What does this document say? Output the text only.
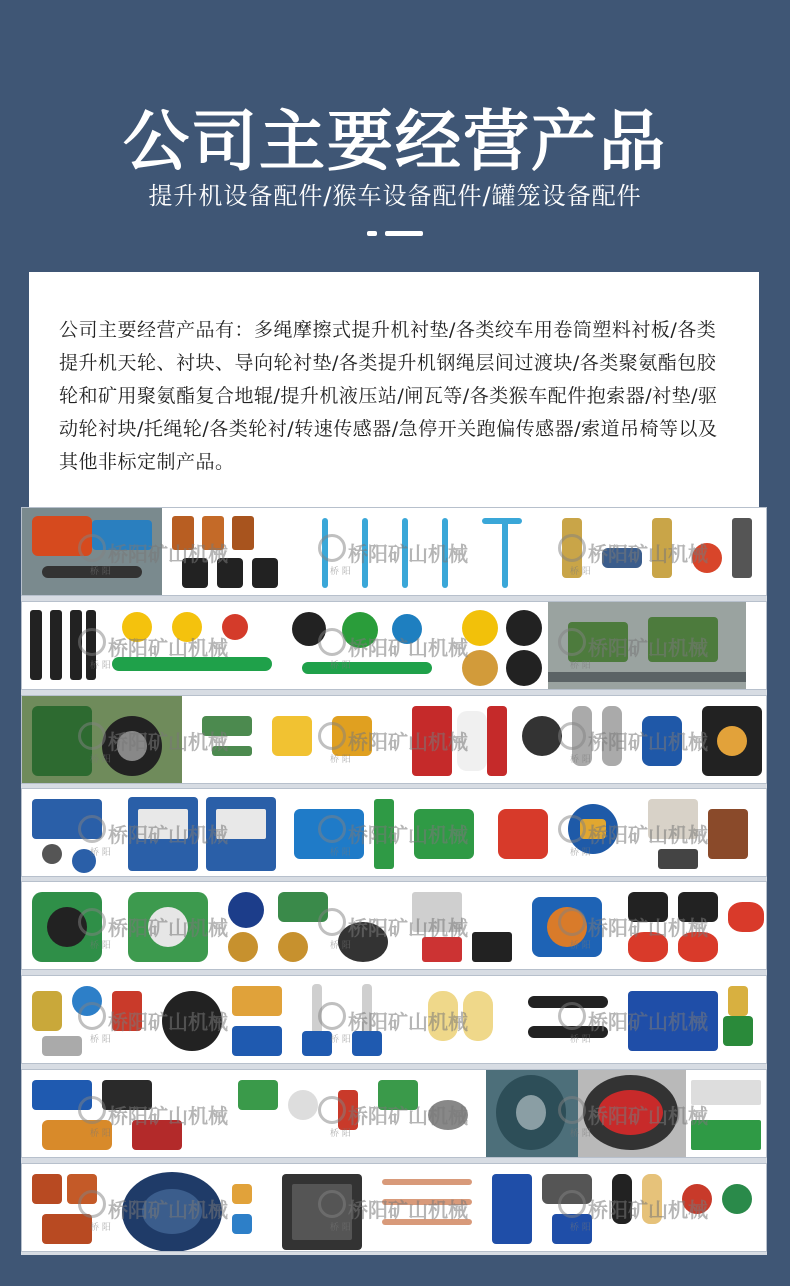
公司主要经营产品
提升机设备配件/猴车设备配件/罐笼设备配件

公司主要经营产品有：多绳摩擦式提升机衬垫/各类绞车用卷筒塑料衬板/各类提升机天轮、衬块、导向轮衬垫/各类提升机钢绳层间过渡块/各类聚氨酯包胶轮和矿用聚氨酯复合地辊/提升机液压站/闸瓦等/各类猴车配件抱索器/衬垫/驱动轮衬块/托绳轮/各类轮衬/转速传感器/急停开关跑偏传感器/索道吊椅等以及其他非标定制产品。

桥阳矿山机械
桥 阳
桥阳矿山机械
桥 阳
桥阳矿山机械
桥 阳
桥阳矿山机械
桥 阳
桥阳矿山机械
桥 阳
桥阳矿山机械
桥 阳
桥阳矿山机械
桥 阳
桥阳矿山机械
桥 阳
桥阳矿山机械
桥 阳
桥阳矿山机械
桥 阳
桥阳矿山机械
桥 阳
桥阳矿山机械
桥 阳
桥阳矿山机械
桥 阳
桥阳矿山机械
桥 阳
桥阳矿山机械
桥 阳
桥阳矿山机械
桥 阳
桥阳矿山机械
桥 阳
桥阳矿山机械
桥 阳
桥阳矿山机械
桥 阳
桥阳矿山机械
桥 阳
桥阳矿山机械
桥 阳
桥阳矿山机械
桥 阳
桥阳矿山机械
桥 阳
桥阳矿山机械
桥 阳
